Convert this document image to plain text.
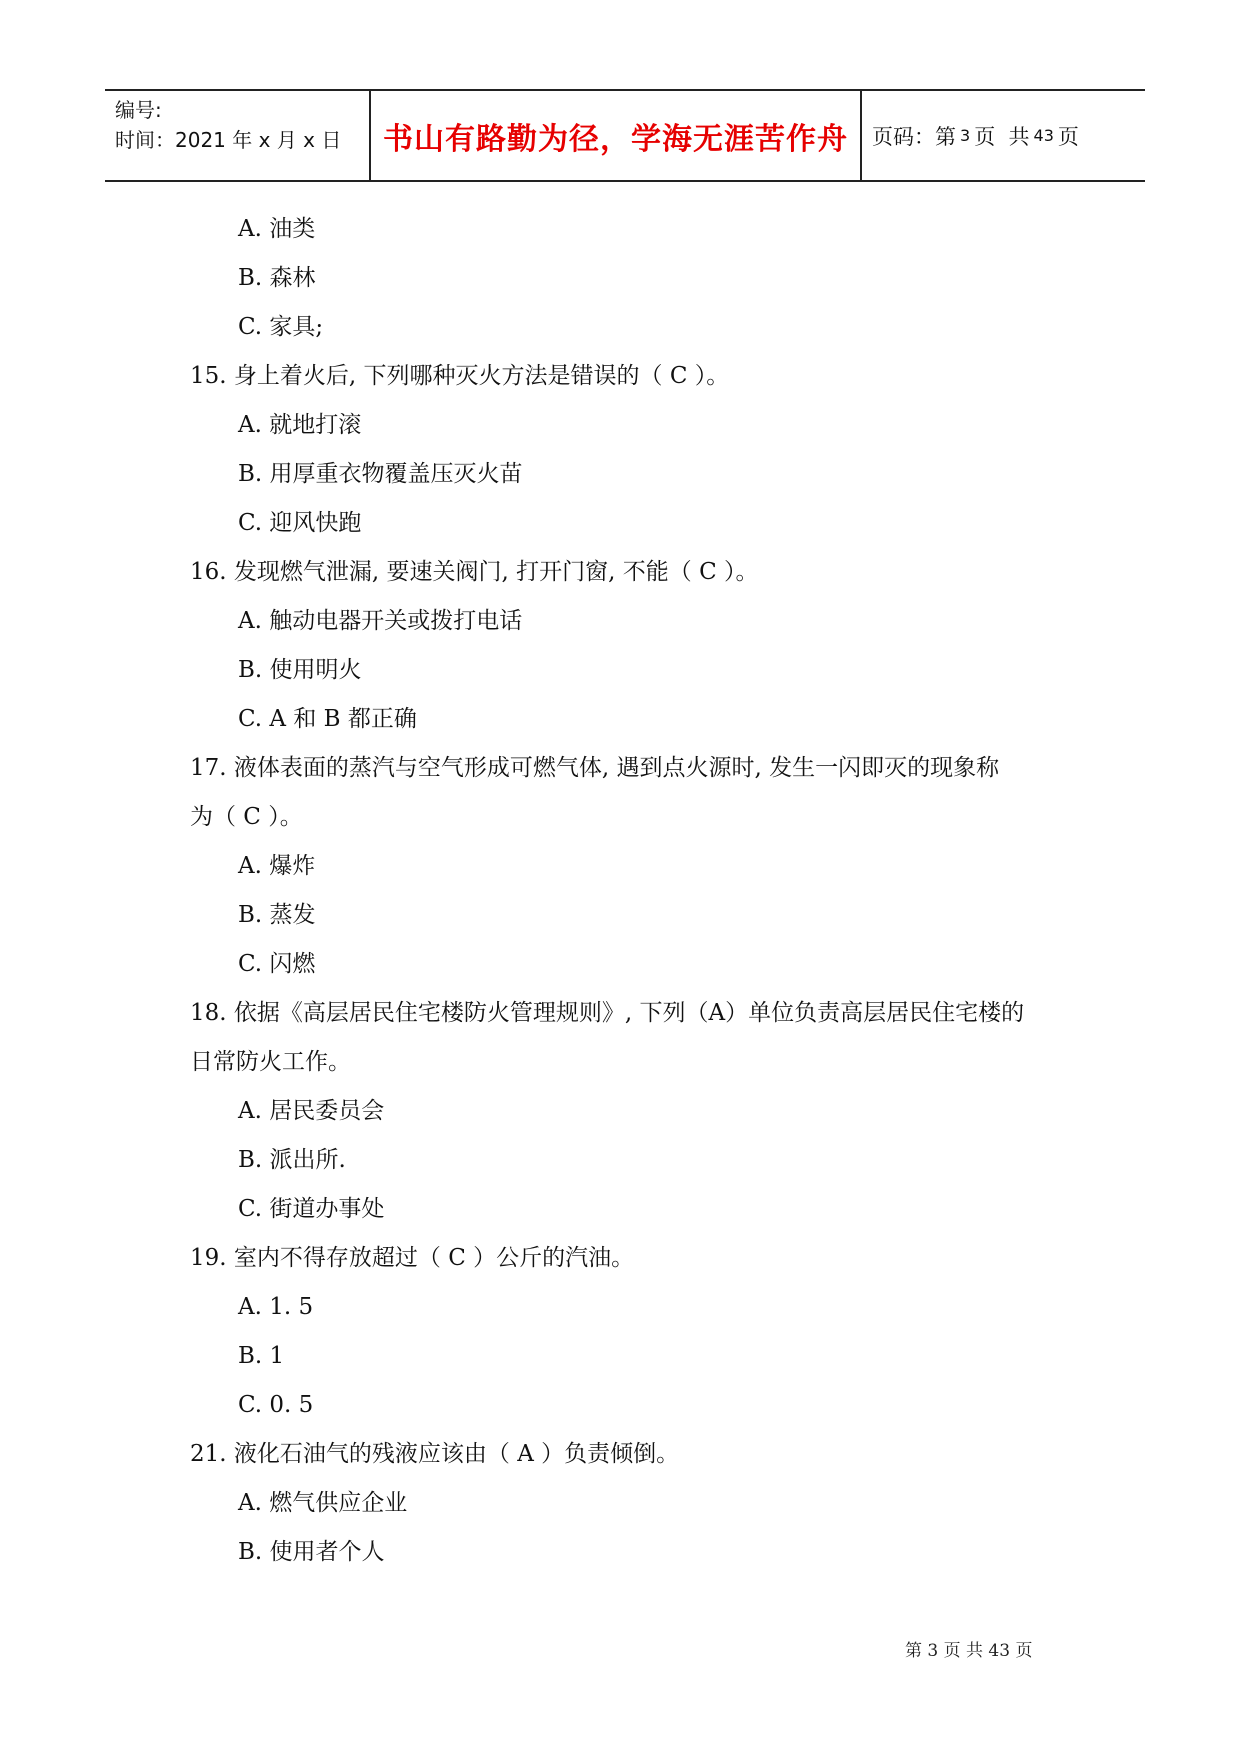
编号:
时间：2021 年 x 月 x 日	书山有路勤为径，学海无涯苦作舟	页码：第 3 页  共 43 页
A. 油类
B. 森林
C. 家具;
15. 身上着火后, 下列哪种灭火方法是错误的（ C ）。
A. 就地打滚
B. 用厚重衣物覆盖压灭火苗
C. 迎风快跑
16. 发现燃气泄漏, 要速关阀门, 打开门窗, 不能（ C ）。
A. 触动电器开关或拨打电话
B. 使用明火
C. A 和 B 都正确
17. 液体表面的蒸汽与空气形成可燃气体, 遇到点火源时, 发生一闪即灭的现象称
为（ C ）。
A. 爆炸
B. 蒸发
C. 闪燃
18. 依据《高层居民住宅楼防火管理规则》, 下列（A）单位负责高层居民住宅楼的
日常防火工作。
A. 居民委员会
B. 派出所.
C. 街道办事处
19. 室内不得存放超过（ C ）公斤的汽油。
A. 1. 5
B. 1
C. 0. 5
21. 液化石油气的残液应该由（ A ）负责倾倒。
A. 燃气供应企业
B. 使用者个人
第 3 页 共 43 页
